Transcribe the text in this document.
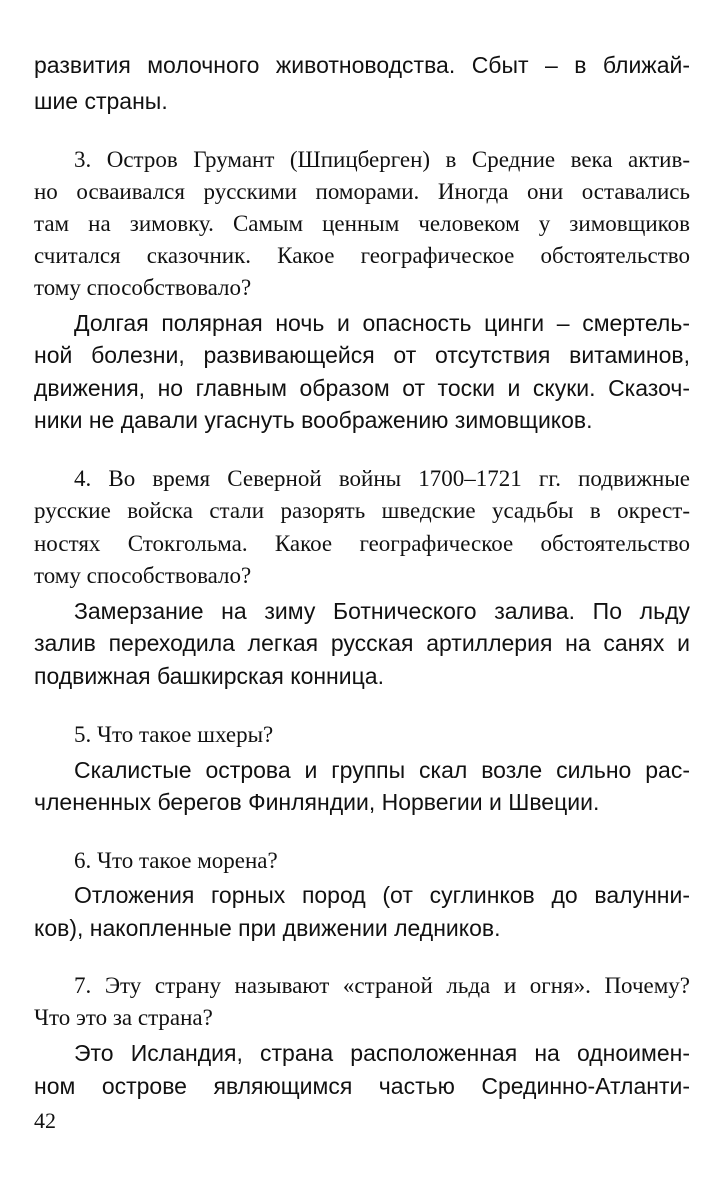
развития молочного животноводства. Сбыт – в ближай-
шие страны.
3. Остров Грумант (Шпицберген) в Средние века актив-
но осваивался русскими поморами. Иногда они оставались
там на зимовку. Самым ценным человеком у зимовщиков
считался сказочник. Какое географическое обстоятельство
тому способствовало?
Долгая полярная ночь и опасность цинги – смертель-
ной болезни, развивающейся от отсутствия витаминов,
движения, но главным образом от тоски и скуки. Сказоч-
ники не давали угаснуть воображению зимовщиков.
4. Во время Северной войны 1700–1721 гг. подвижные
русские войска стали разорять шведские усадьбы в окрест-
ностях Стокгольма. Какое географическое обстоятельство
тому способствовало?
Замерзание на зиму Ботнического залива. По льду
залив переходила легкая русская артиллерия на санях и
подвижная башкирская конница.
5. Что такое шхеры?
Скалистые острова и группы скал возле сильно рас-
члененных берегов Финляндии, Норвегии и Швеции.
6. Что такое морена?
Отложения горных пород (от суглинков до валунни-
ков), накопленные при движении ледников.
7. Эту страну называют «страной льда и огня». Почему?
Что это за страна?
Это Исландия, страна расположенная на одноимен-
ном острове являющимся частью Срединно-Атланти-
42
